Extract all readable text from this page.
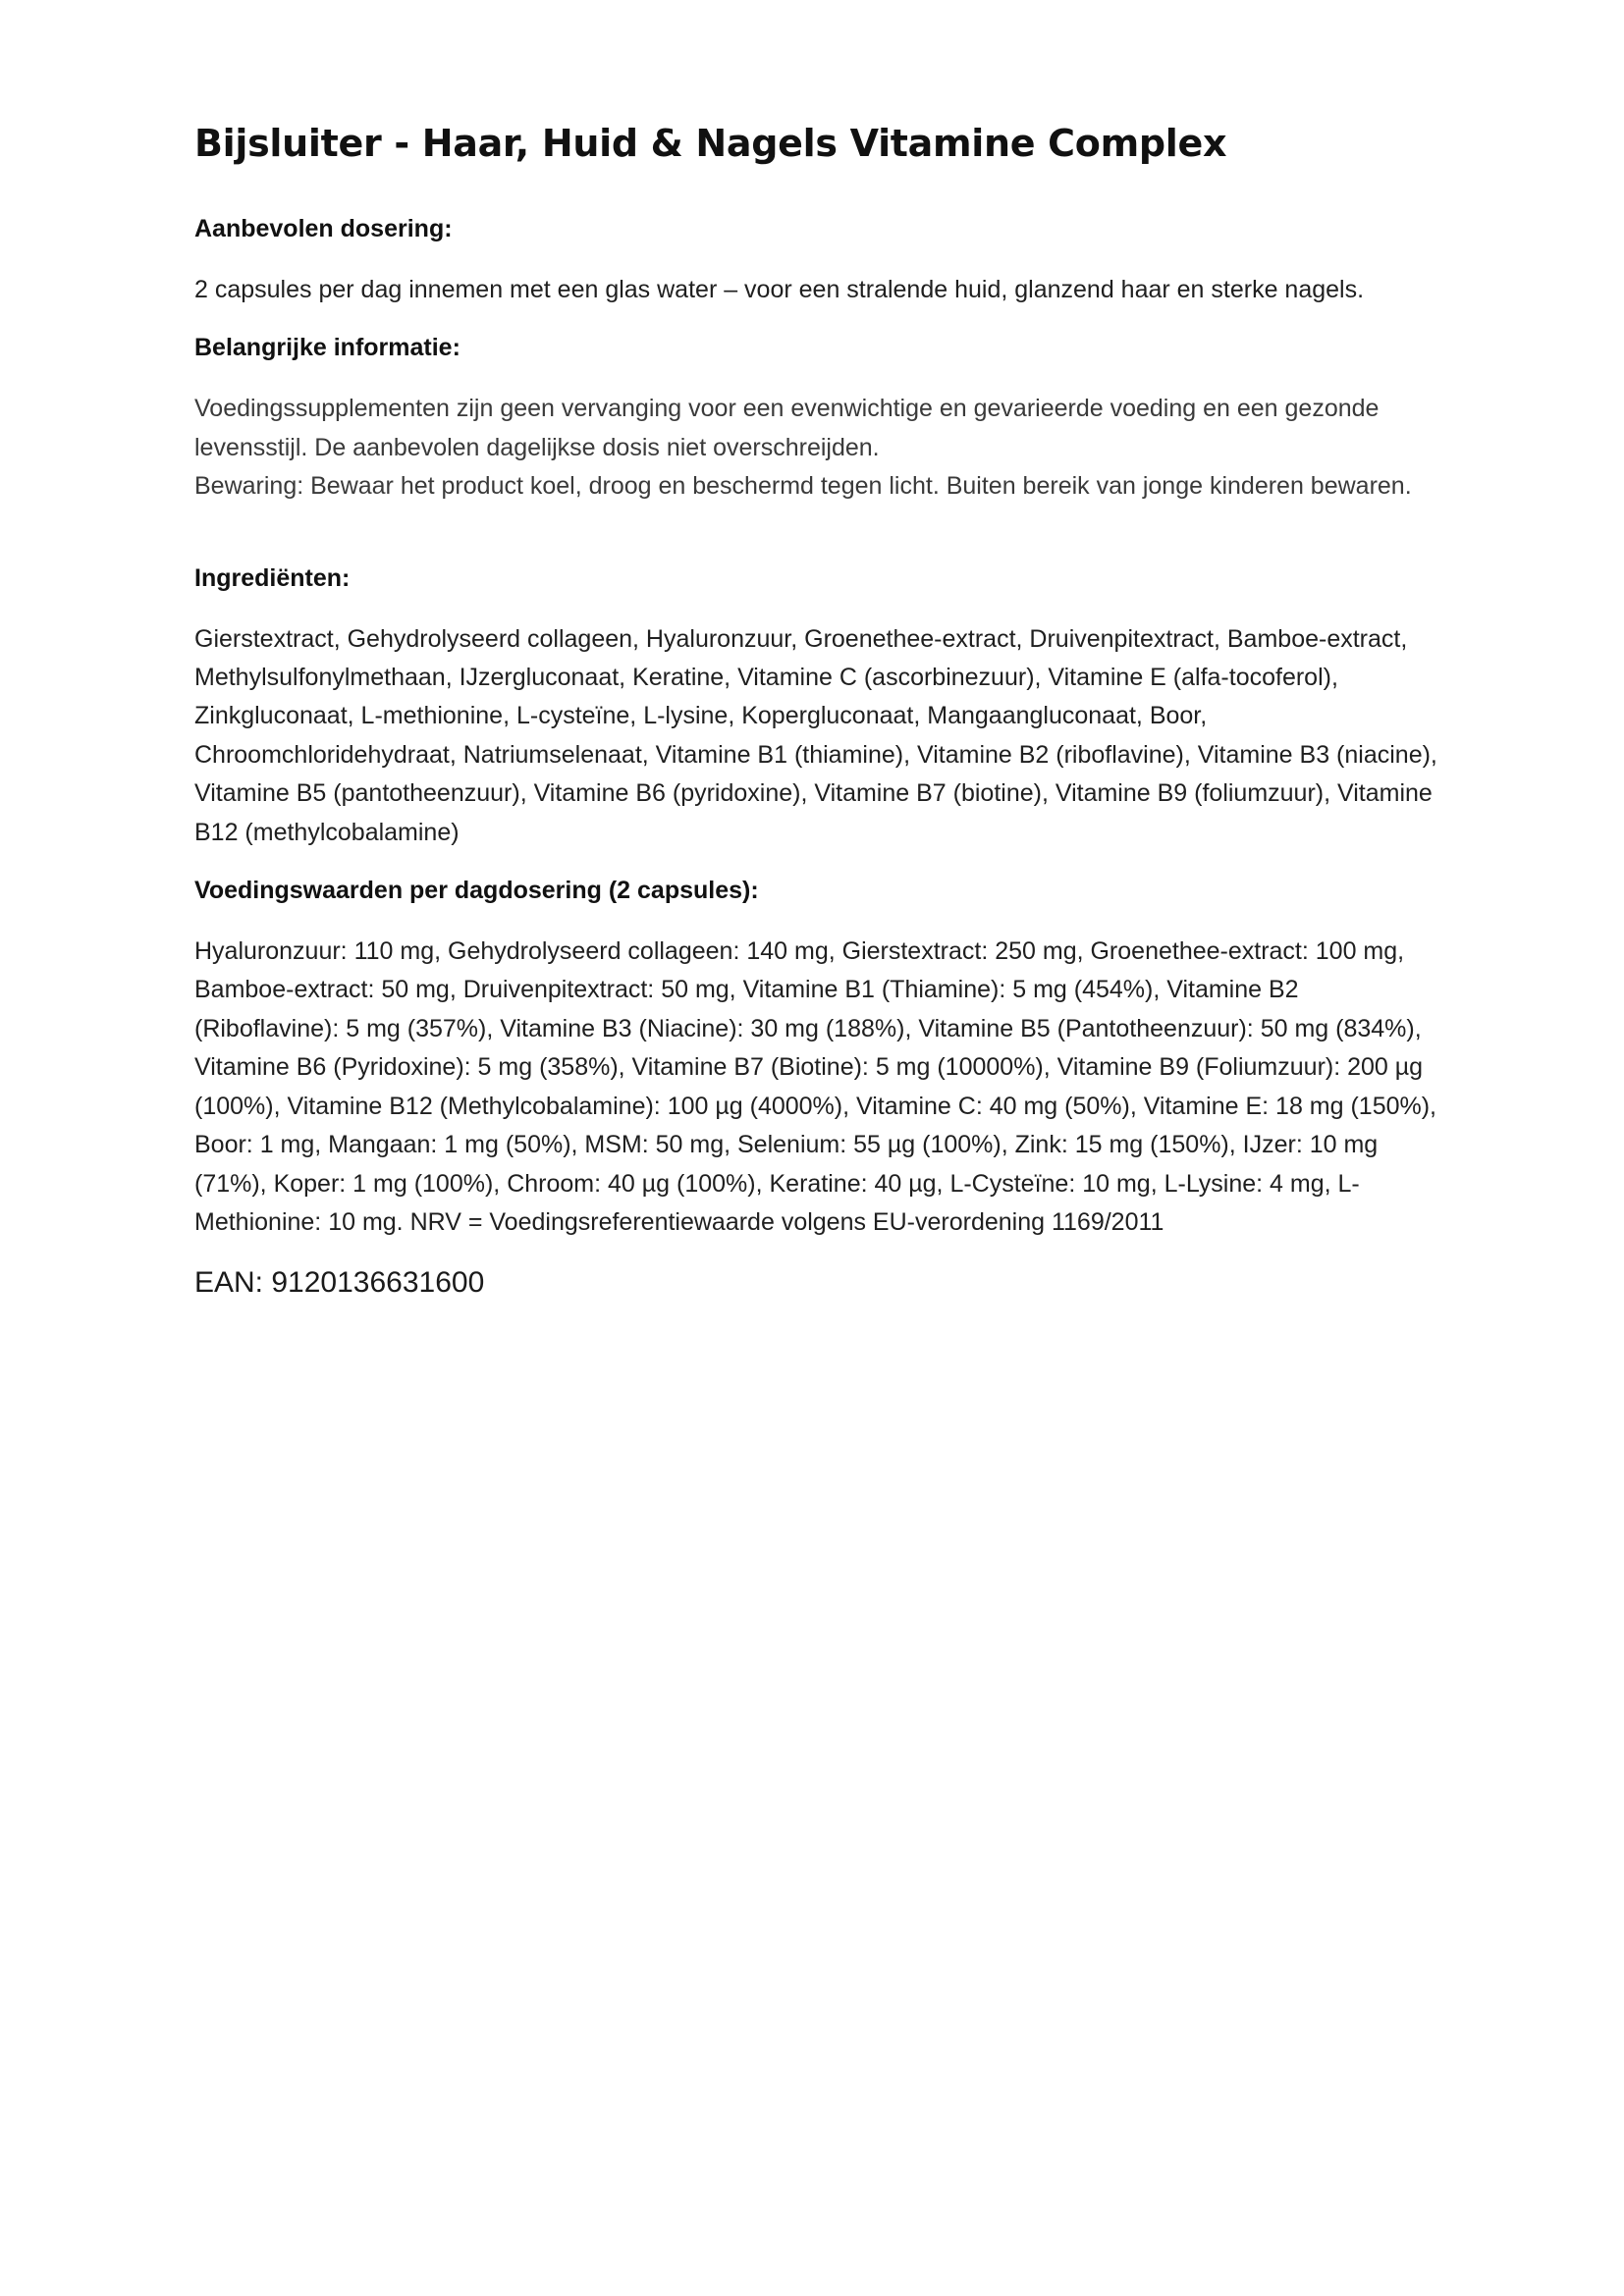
Bijsluiter - Haar, Huid & Nagels Vitamine Complex
Aanbevolen dosering:

2 capsules per dag innemen met een glas water – voor een stralende huid, glanzend haar en sterke nagels.

Belangrijke informatie:

Voedingssupplementen zijn geen vervanging voor een evenwichtige en gevarieerde voeding en een gezonde levensstijl. De aanbevolen dagelijkse dosis niet overschreijden.

Bewaring: Bewaar het product koel, droog en beschermd tegen licht. Buiten bereik van jonge kinderen bewaren.

Ingrediënten:

Gierstextract, Gehydrolyseerd collageen, Hyaluronzuur, Groenethee-extract, Druivenpitextract, Bamboe-extract, Methylsulfonylmethaan, IJzergluconaat, Keratine, Vitamine C (ascorbinezuur), Vitamine E (alfa-tocoferol), Zinkgluconaat, L-methionine, L-cysteïne, L-lysine, Kopergluconaat, Mangaangluconaat, Boor, Chroomchloridehydraat, Natriumselenaat, Vitamine B1 (thiamine), Vitamine B2 (riboflavine), Vitamine B3 (niacine), Vitamine B5 (pantotheenzuur), Vitamine B6 (pyridoxine), Vitamine B7 (biotine), Vitamine B9 (foliumzuur), Vitamine B12 (methylcobalamine)

Voedingswaarden per dagdosering (2 capsules):

Hyaluronzuur: 110 mg, Gehydrolyseerd collageen: 140 mg, Gierstextract: 250 mg, Groenethee-extract: 100 mg, Bamboe-extract: 50 mg, Druivenpitextract: 50 mg, Vitamine B1 (Thiamine): 5 mg (454%), Vitamine B2 (Riboflavine): 5 mg (357%), Vitamine B3 (Niacine): 30 mg (188%), Vitamine B5 (Pantotheenzuur): 50 mg (834%), Vitamine B6 (Pyridoxine): 5 mg (358%), Vitamine B7 (Biotine): 5 mg (10000%), Vitamine B9 (Foliumzuur): 200 µg (100%), Vitamine B12 (Methylcobalamine): 100 µg (4000%), Vitamine C: 40 mg (50%), Vitamine E: 18 mg (150%), Boor: 1 mg, Mangaan: 1 mg (50%), MSM: 50 mg, Selenium: 55 µg (100%), Zink: 15 mg (150%), IJzer: 10 mg (71%), Koper: 1 mg (100%), Chroom: 40 µg (100%), Keratine: 40 µg, L-Cysteïne: 10 mg, L-Lysine: 4 mg, L-Methionine: 10 mg. NRV = Voedingsreferentiewaarde volgens EU-verordening 1169/2011

EAN: 9120136631600
